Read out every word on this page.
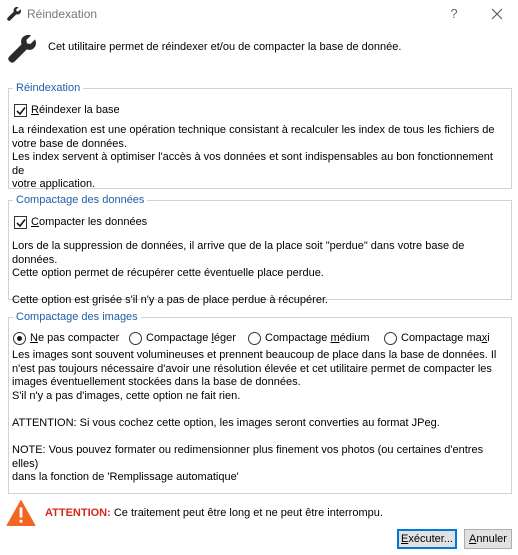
Réindexation	?
Cet utilitaire permet de réindexer et/ou de compacter la base de donnée.
Réindexation
Réindexer la base
La réindexation est une opération technique consistant à recalculer les index de tous les fichiers de
votre base de données.
Les index servent à optimiser l'accès à vos données et sont indispensables au bon fonctionnement de
votre application.
Compactage des données
Compacter les données
Lors de la suppression de données, il arrive que de la place soit "perdue" dans votre base de données.
Cette option permet de récupérer cette éventuelle place perdue.
Cette option est grisée s'il n'y a pas de place perdue à récupérer.
Compactage des images
Ne pas compacter Compactage léger	Compactage médium	Compactage maxi
Les images sont souvent volumineuses et prennent beaucoup de place dans la base de données. Il
n'est pas toujours nécessaire d'avoir une résolution élevée et cet utilitaire permet de compacter les
images éventuellement stockées dans la base de données.
S'il n'y a pas d'images, cette option ne fait rien.
ATTENTION: Si vous cochez cette option, les images seront converties au format JPeg.
NOTE: Vous pouvez formater ou redimensionner plus finement vos photos (ou certaines d'entres elles)
dans la fonction de 'Remplissage automatique'
ATTENTION: Ce traitement peut être long et ne peut être interrompu.
Exécuter...	Annuler
